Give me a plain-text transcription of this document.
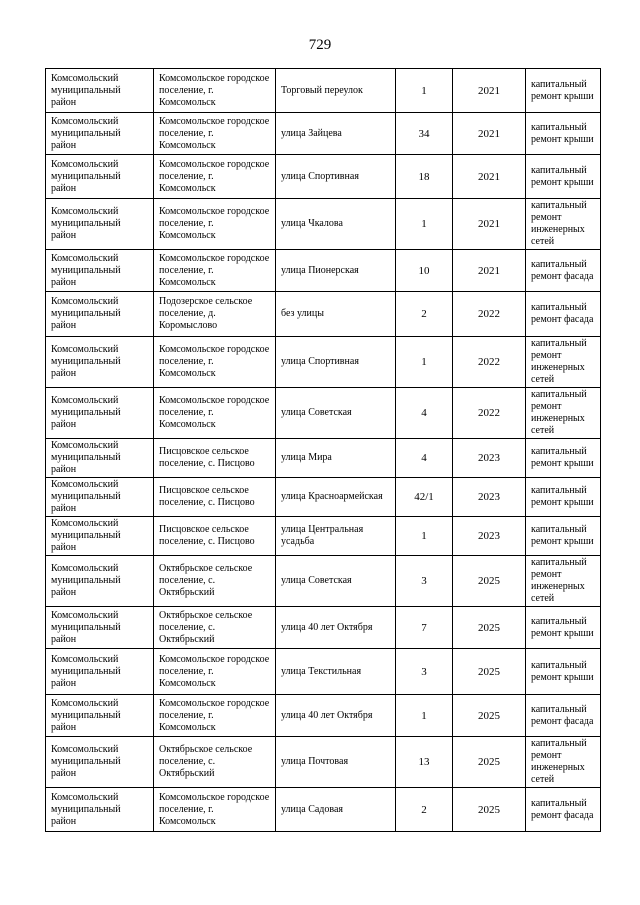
729
Комсомольский муниципальный район	Комсомольское городское поселение, г. Комсомольск	Торговый переулок	1	2021	капитальный ремонт крыши
Комсомольский муниципальный район	Комсомольское городское поселение, г. Комсомольск	улица Зайцева	34	2021	капитальный ремонт крыши
Комсомольский муниципальный район	Комсомольское городское поселение, г. Комсомольск	улица Спортивная	18	2021	капитальный ремонт крыши
Комсомольский муниципальный район	Комсомольское городское поселение, г. Комсомольск	улица Чкалова	1	2021	капитальный ремонт инженерных сетей
Комсомольский муниципальный район	Комсомольское городское поселение, г. Комсомольск	улица Пионерская	10	2021	капитальный ремонт фасада
Комсомольский муниципальный район	Подозерское сельское поселение, д. Коромыслово	без улицы	2	2022	капитальный ремонт фасада
Комсомольский муниципальный район	Комсомольское городское поселение, г. Комсомольск	улица Спортивная	1	2022	капитальный ремонт инженерных сетей
Комсомольский муниципальный район	Комсомольское городское поселение, г. Комсомольск	улица Советская	4	2022	капитальный ремонт инженерных сетей
Комсомольский муниципальный район	Писцовское сельское поселение, с. Писцово	улица Мира	4	2023	капитальный ремонт крыши
Комсомольский муниципальный район	Писцовское сельское поселение, с. Писцово	улица Красноармейская	42/1	2023	капитальный ремонт крыши
Комсомольский муниципальный район	Писцовское сельское поселение, с. Писцово	улица Центральная усадьба	1	2023	капитальный ремонт крыши
Комсомольский муниципальный район	Октябрьское сельское поселение, с. Октябрьский	улица Советская	3	2025	капитальный ремонт инженерных сетей
Комсомольский муниципальный район	Октябрьское сельское поселение, с. Октябрьский	улица 40 лет Октября	7	2025	капитальный ремонт крыши
Комсомольский муниципальный район	Комсомольское городское поселение, г. Комсомольск	улица Текстильная	3	2025	капитальный ремонт крыши
Комсомольский муниципальный район	Комсомольское городское поселение, г. Комсомольск	улица 40 лет Октября	1	2025	капитальный ремонт фасада
Комсомольский муниципальный район	Октябрьское сельское поселение, с. Октябрьский	улица Почтовая	13	2025	капитальный ремонт инженерных сетей
Комсомольский муниципальный район	Комсомольское городское поселение, г. Комсомольск	улица Садовая	2	2025	капитальный ремонт фасада
